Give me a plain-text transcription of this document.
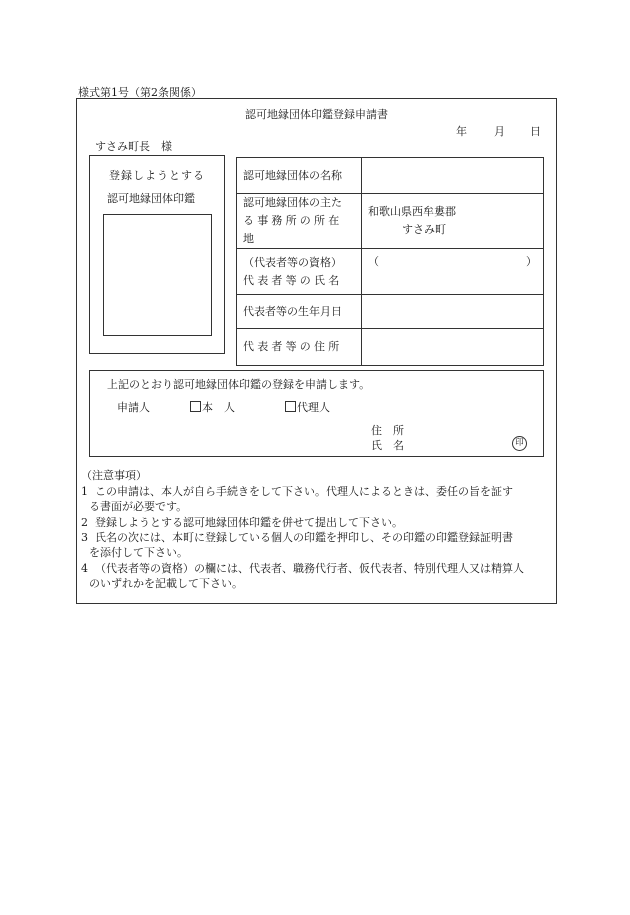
様式第1号（第2条関係）
認可地縁団体印鑑登録申請書
年 月 日
すさみ町長　様
登録しようとする
認可地縁団体印鑑
認可地縁団体の名称	

認可地縁団体の主た
る事務所の所在地	和歌山県西牟婁郡
すさみ町

（代表者等の資格）
代表者等の氏名	（ ）

代表者等の生年月日	
代表者等の住所	
上記のとおり認可地縁団体印鑑の登録を申請します。
申請人	本　人	代理人
住　所
氏　名	印
（注意事項）
1 この申請は、本人が自ら手続きをして下さい。代理人によるときは、委任の旨を証す
る書面が必要です。
2 登録しようとする認可地縁団体印鑑を併せて提出して下さい。
3 氏名の次には、本町に登録している個人の印鑑を押印し、その印鑑の印鑑登録証明書
を添付して下さい。
4 （代表者等の資格）の欄には、代表者、職務代行者、仮代表者、特別代理人又は精算人
のいずれかを記載して下さい。
